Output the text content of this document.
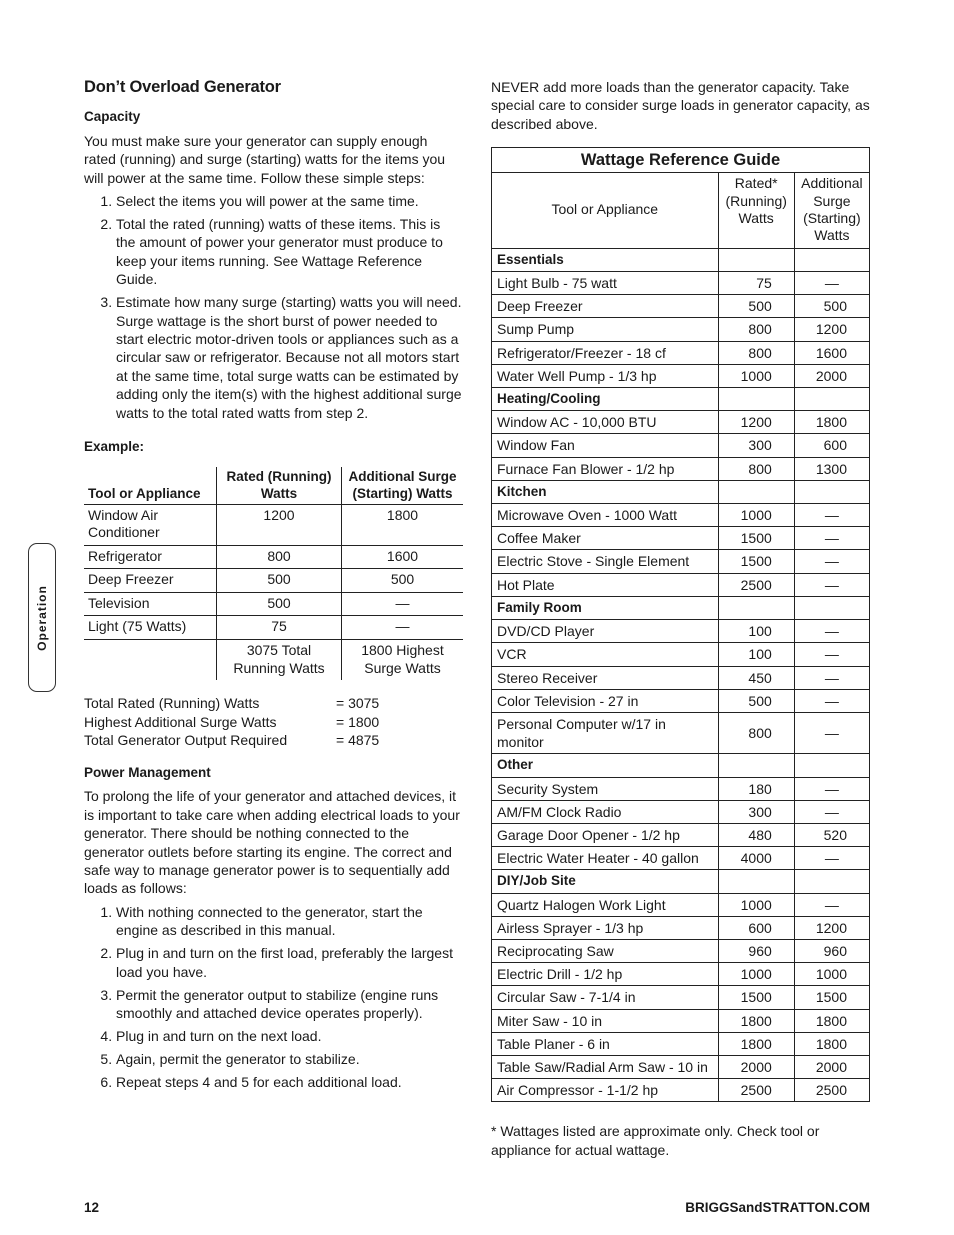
Operation
Don’t Overload Generator
Capacity

You must make sure your generator can supply enough rated (running) and surge (starting) watts for the items you will power at the same time. Follow these simple steps:

1. Select the items you will power at the same time.
2. Total the rated (running) watts of these items. This is the amount of power your generator must produce to keep your items running. See Wattage Reference Guide.
3. Estimate how many surge (starting) watts you will need. Surge wattage is the short burst of power needed to start electric motor-driven tools or appliances such as a circular saw or refrigerator. Because not all motors start at the same time, total surge watts can be estimated by adding only the item(s) with the highest additional surge watts to the total rated watts from step 2.
Example:
Tool or Appliance	Rated (Running) Watts	Additional Surge (Starting) Watts
Window Air Conditioner	1200	1800
Refrigerator	800	1600
Deep Freezer	500	500
Television	500	—
Light (75 Watts)	75	—
	3075 Total Running Watts	1800 Highest Surge Watts
Total Rated (Running) Watts	= 3075
Highest Additional Surge Watts	= 1800
Total Generator Output Required	= 4875
Power Management

To prolong the life of your generator and attached devices, it is important to take care when adding electrical loads to your generator. There should be nothing connected to the generator outlets before starting its engine. The correct and safe way to manage generator power is to sequentially add loads as follows:

1. With nothing connected to the generator, start the engine as described in this manual.
2. Plug in and turn on the first load, preferably the largest load you have.
3. Permit the generator output to stabilize (engine runs smoothly and attached device operates properly).
4. Plug in and turn on the next load.
5. Again, permit the generator to stabilize.
6. Repeat steps 4 and 5 for each additional load.

NEVER add more loads than the generator capacity. Take special care to consider surge loads in generator capacity, as described above.

Wattage Reference Guide		
Tool or Appliance	Rated* (Running) Watts	Additional Surge (Starting) Watts
Essentials		
Light Bulb - 75 watt	75	—
Deep Freezer	500	500
Sump Pump	800	1200
Refrigerator/Freezer - 18 cf	800	1600
Water Well Pump - 1/3 hp	1000	2000
Heating/Cooling		
Window AC - 10,000 BTU	1200	1800
Window Fan	300	600
Furnace Fan Blower - 1/2 hp	800	1300
Kitchen		
Microwave Oven - 1000 Watt	1000	—
Coffee Maker	1500	—
Electric Stove - Single Element	1500	—
Hot Plate	2500	—
Family Room		
DVD/CD Player	100	—
VCR	100	—
Stereo Receiver	450	—
Color Television - 27 in	500	—
Personal Computer w/17 in monitor	800	—
Other		
Security System	180	—
AM/FM Clock Radio	300	—
Garage Door Opener - 1/2 hp	480	520
Electric Water Heater - 40 gallon	4000	—
DIY/Job Site		
Quartz Halogen Work Light	1000	—
Airless Sprayer - 1/3 hp	600	1200
Reciprocating Saw	960	960
Electric Drill - 1/2 hp	1000	1000
Circular Saw - 7-1/4 in	1500	1500
Miter Saw - 10 in	1800	1800
Table Planer - 6 in	1800	1800
Table Saw/Radial Arm Saw - 10 in	2000	2000
Air Compressor - 1-1/2 hp	2500	2500

* Wattages listed are approximate only. Check tool or appliance for actual wattage.

12	BRIGGSandSTRATTON.COM
